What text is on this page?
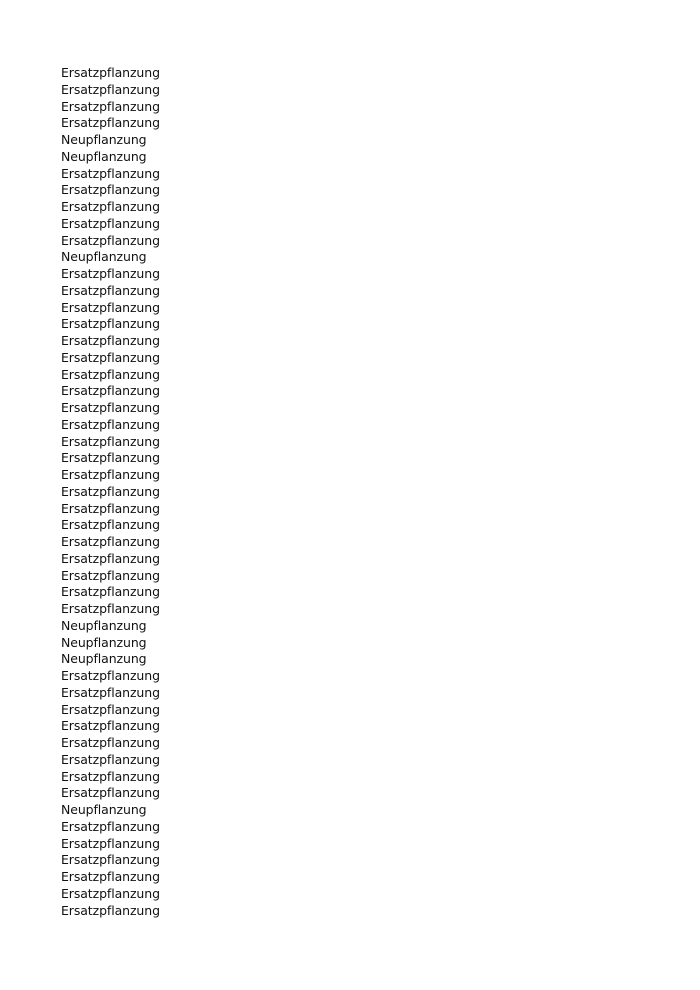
Ersatzpflanzung
Ersatzpflanzung
Ersatzpflanzung
Ersatzpflanzung
Neupflanzung
Neupflanzung
Ersatzpflanzung
Ersatzpflanzung
Ersatzpflanzung
Ersatzpflanzung
Ersatzpflanzung
Neupflanzung
Ersatzpflanzung
Ersatzpflanzung
Ersatzpflanzung
Ersatzpflanzung
Ersatzpflanzung
Ersatzpflanzung
Ersatzpflanzung
Ersatzpflanzung
Ersatzpflanzung
Ersatzpflanzung
Ersatzpflanzung
Ersatzpflanzung
Ersatzpflanzung
Ersatzpflanzung
Ersatzpflanzung
Ersatzpflanzung
Ersatzpflanzung
Ersatzpflanzung
Ersatzpflanzung
Ersatzpflanzung
Ersatzpflanzung
Neupflanzung
Neupflanzung
Neupflanzung
Ersatzpflanzung
Ersatzpflanzung
Ersatzpflanzung
Ersatzpflanzung
Ersatzpflanzung
Ersatzpflanzung
Ersatzpflanzung
Ersatzpflanzung
Neupflanzung
Ersatzpflanzung
Ersatzpflanzung
Ersatzpflanzung
Ersatzpflanzung
Ersatzpflanzung
Ersatzpflanzung
